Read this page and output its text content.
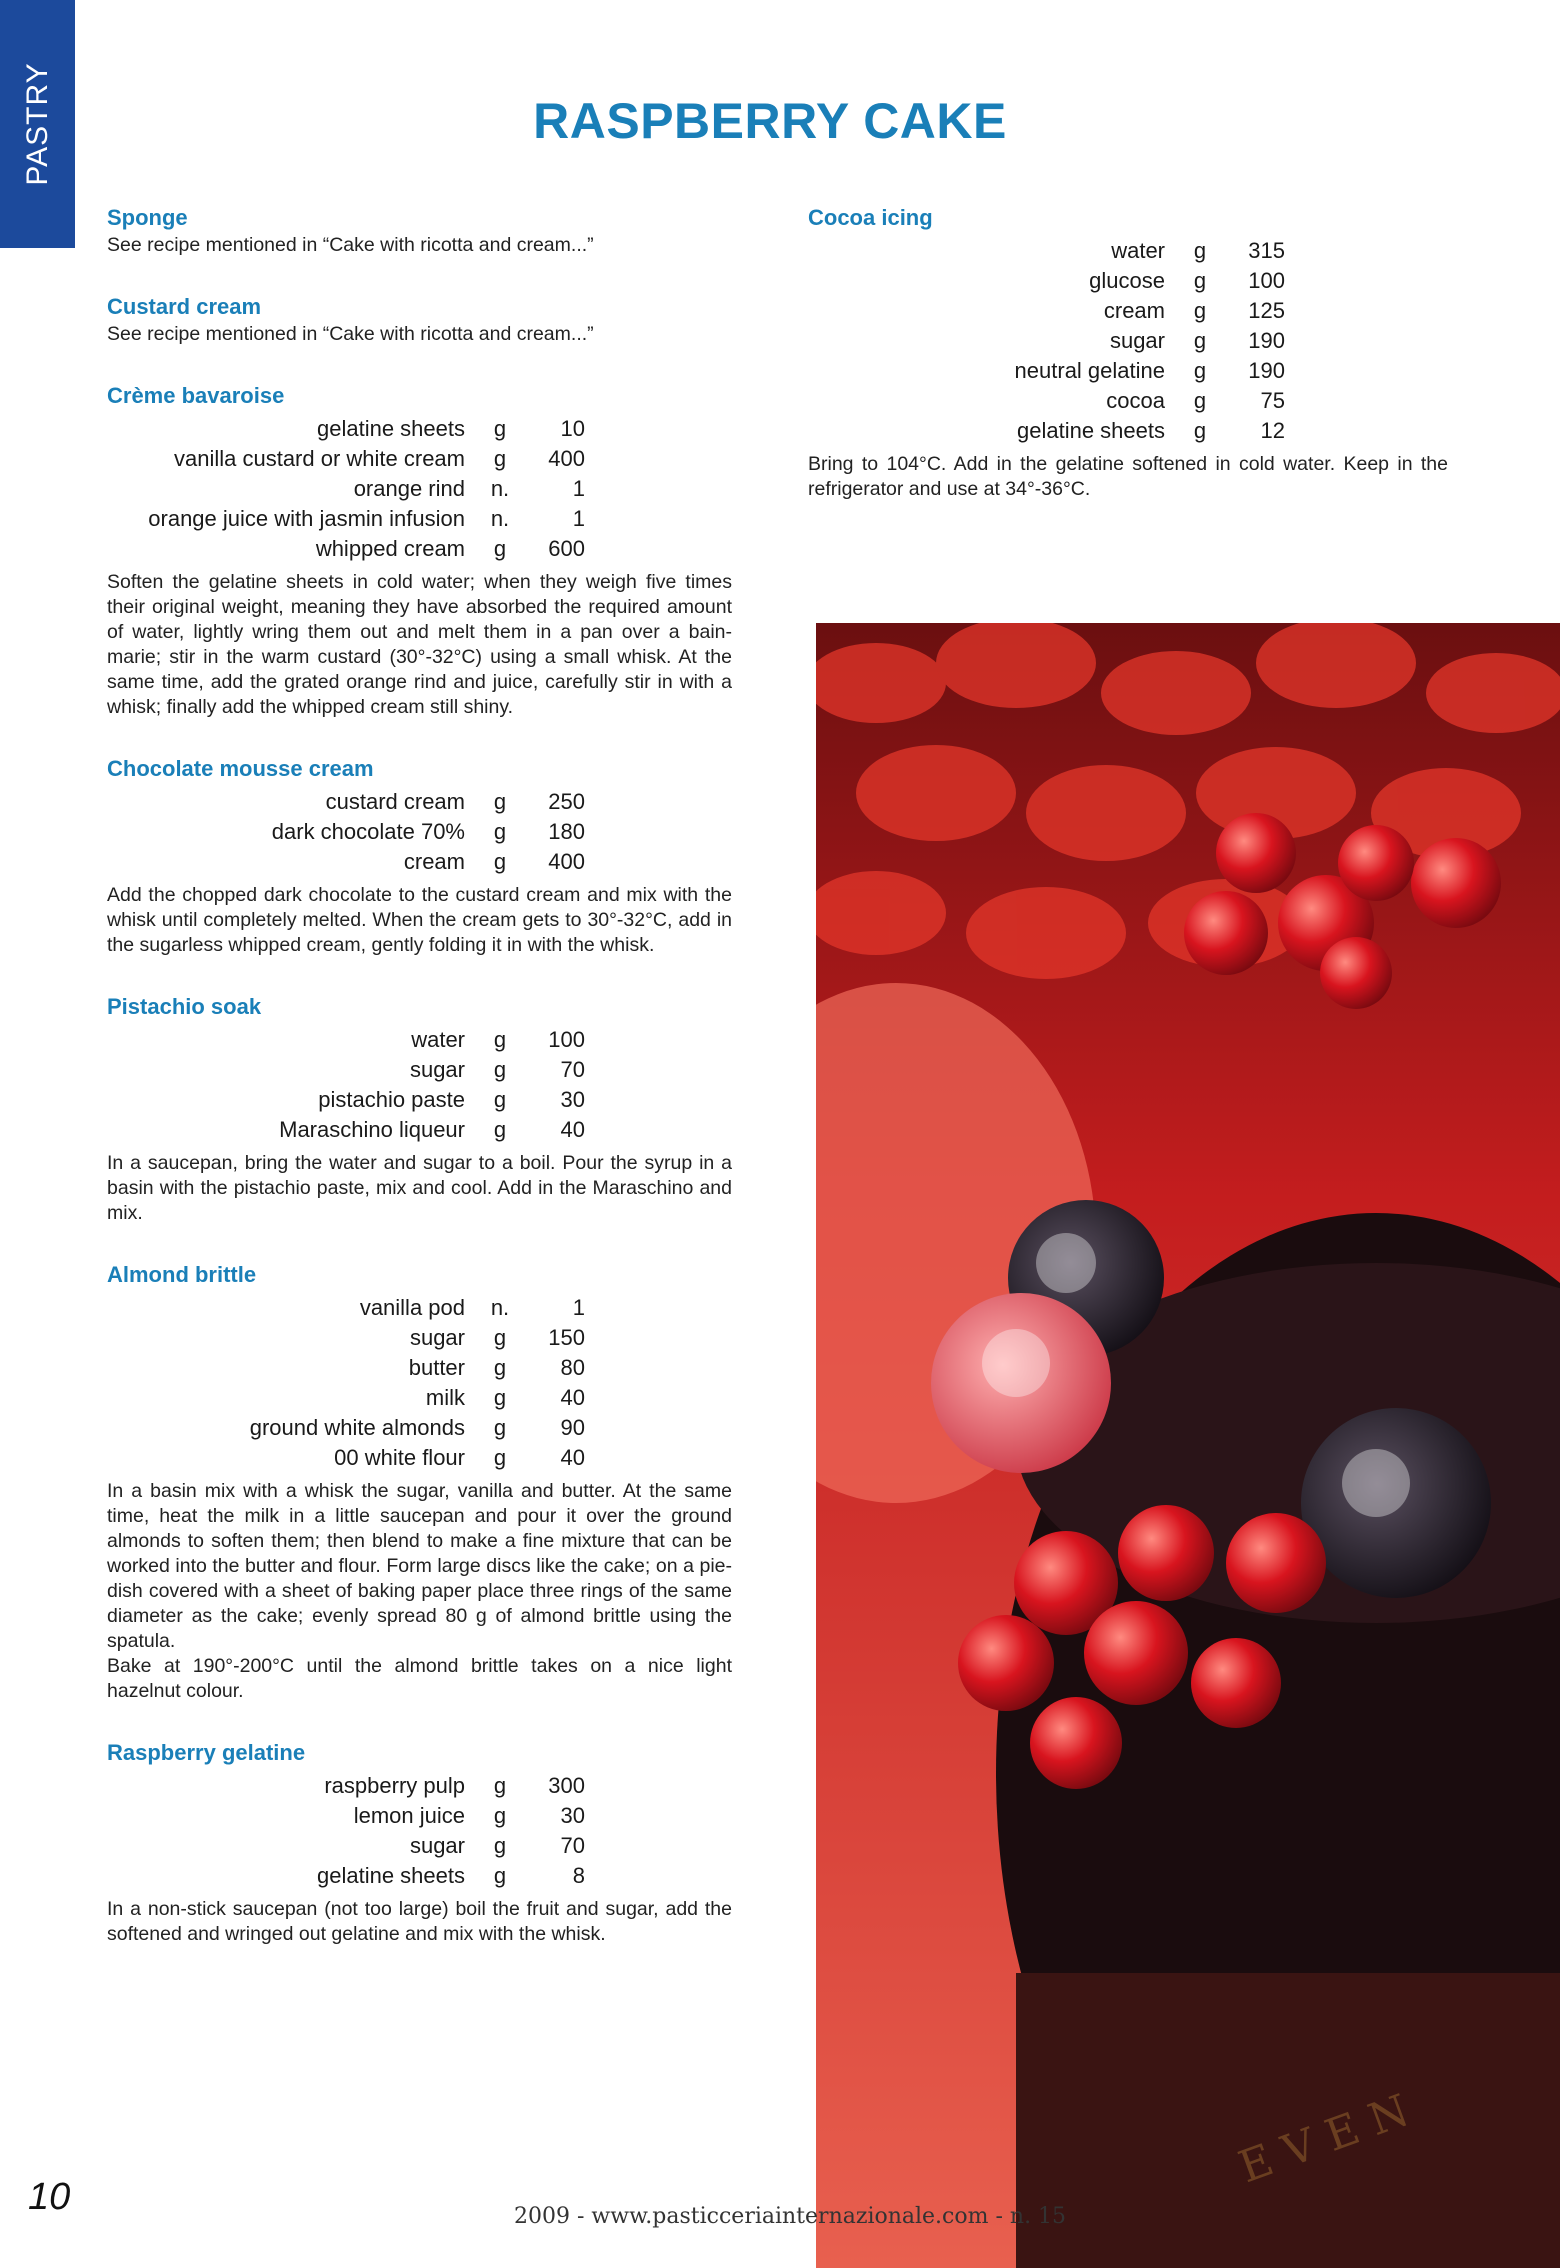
PASTRY	RASPBERRY CAKE
Sponge
See recipe mentioned in “Cake with ricotta and cream...”
Custard cream
See recipe mentioned in “Cake with ricotta and cream...”
Crème bavaroise
gelatine sheets	g	10
vanilla custard or white cream	g	400
orange rind	n.	1
orange juice with jasmin infusion	n.	1
whipped cream	g	600

Soften the gelatine sheets in cold water; when they weigh five times their original weight, meaning they have absorbed the required amount of water, lightly wring them out and melt them in a pan over a bain-marie; stir in the warm custard (30°-32°C) using a small whisk. At the same time, add the grated orange rind and juice, carefully stir in with a whisk; finally add the whipped cream still shiny.

Chocolate mousse cream
custard cream	g	250
dark chocolate 70%	g	180
cream	g	400

Add the chopped dark chocolate to the custard cream and mix with the whisk until completely melted. When the cream gets to 30°-32°C, add in the sugarless whipped cream, gently folding it in with the whisk.

Pistachio soak
water	g	100
sugar	g	70
pistachio paste	g	30
Maraschino liqueur	g	40

In a saucepan, bring the water and sugar to a boil. Pour the syrup in a basin with the pistachio paste, mix and cool. Add in the Maraschino and mix.

Almond brittle
vanilla pod	n.	1
sugar	g	150
butter	g	80
milk	g	40
ground white almonds	g	90
00 white flour	g	40

In a basin mix with a whisk the sugar, vanilla and butter. At the same time, heat the milk in a little saucepan and pour it over the ground almonds to soften them; then blend to make a fine mixture that can be worked into the butter and flour. Form large discs like the cake; on a pie-dish covered with a sheet of baking paper place three rings of the same diameter as the cake; evenly spread 80 g of almond brittle using the spatula.

Bake at 190°-200°C until the almond brittle takes on a nice light hazelnut colour.

Raspberry gelatine
raspberry pulp	g	300
lemon juice	g	30
sugar	g	70
gelatine sheets	g	8

In a non-stick saucepan (not too large) boil the fruit and sugar, add the softened and wringed out gelatine and mix with the whisk.

Cocoa icing
water	g	315
glucose	g	100
cream	g	125
sugar	g	190
neutral gelatine	g	190
cocoa	g	75
gelatine sheets	g	12

Bring to 104°C. Add in the gelatine softened in cold water. Keep in the refrigerator and use at 34°-36°C.

E V E N
10	2009 - www.pasticceriainternazionale.com - n. 15
